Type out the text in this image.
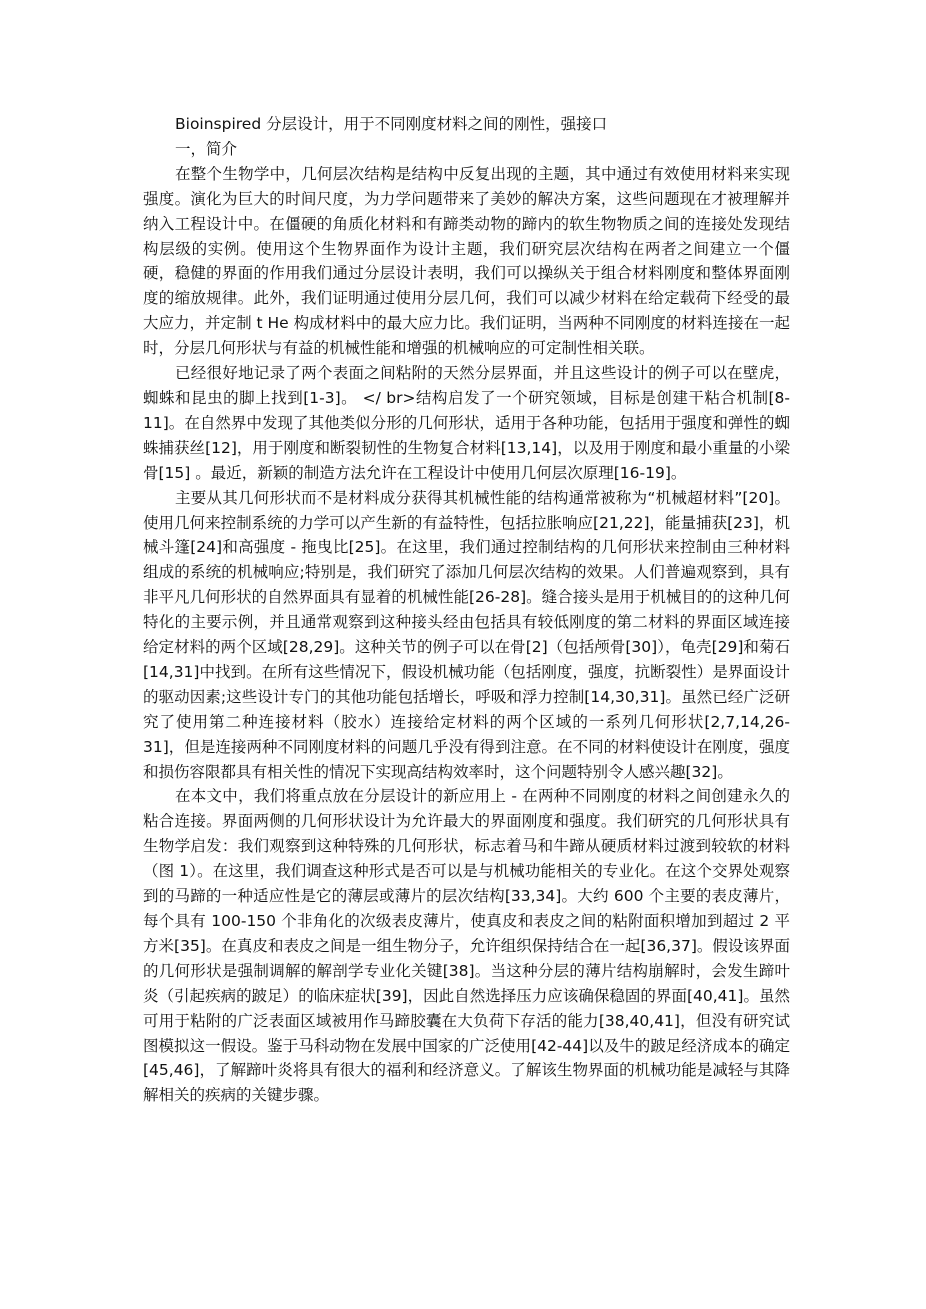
Bioinspired 分层设计，用于不同刚度材料之间的刚性，强接口

一，简介

在整个生物学中，几何层次结构是结构中反复出现的主题，其中通过有效使用材料来实现强度。演化为巨大的时间尺度，为力学问题带来了美妙的解决方案，这些问题现在才被理解并纳入工程设计中。在僵硬的角质化材料和有蹄类动物的蹄内的软生物物质之间的连接处发现结构层级的实例。使用这个生物界面作为设计主题，我们研究层次结构在两者之间建立一个僵硬，稳健的界面的作用我们通过分层设计表明，我们可以操纵关于组合材料刚度和整体界面刚度的缩放规律。此外，我们证明通过使用分层几何，我们可以减少材料在给定载荷下经受的最大应力，并定制 t He 构成材料中的最大应力比。我们证明，当两种不同刚度的材料连接在一起时，分层几何形状与有益的机械性能和增强的机械响应的可定制性相关联。

已经很好地记录了两个表面之间粘附的天然分层界面，并且这些设计的例子可以在壁虎，蜘蛛和昆虫的脚上找到[1-3]。 </ br>结构启发了一个研究领域，目标是创建干粘合机制[8-11]。在自然界中发现了其他类似分形的几何形状，适用于各种功能，包括用于强度和弹性的蜘蛛捕获丝[12]，用于刚度和断裂韧性的生物复合材料[13,14]，以及用于刚度和最小重量的小梁骨[15] 。最近，新颖的制造方法允许在工程设计中使用几何层次原理[16-19]。

主要从其几何形状而不是材料成分获得其机械性能的结构通常被称为“机械超材料”[20]。使用几何来控制系统的力学可以产生新的有益特性，包括拉胀响应[21,22]，能量捕获[23]，机械斗篷[24]和高强度 - 拖曳比[25]。在这里，我们通过控制结构的几何形状来控制由三种材料组成的系统的机械响应;特别是，我们研究了添加几何层次结构的效果。人们普遍观察到，具有非平凡几何形状的自然界面具有显着的机械性能[26-28]。缝合接头是用于机械目的的这种几何特化的主要示例，并且通常观察到这种接头经由包括具有较低刚度的第二材料的界面区域连接给定材料的两个区域[28,29]。这种关节的例子可以在骨[2]（包括颅骨[30]），龟壳[29]和菊石[14,31]中找到。在所有这些情况下，假设机械功能（包括刚度，强度，抗断裂性）是界面设计的驱动因素;这些设计专门的其他功能包括增长，呼吸和浮力控制[14,30,31]。虽然已经广泛研究了使用第二种连接材料（胶水）连接给定材料的两个区域的一系列几何形状[2,7,14,26-31]，但是连接两种不同刚度材料的问题几乎没有得到注意。在不同的材料使设计在刚度，强度和损伤容限都具有相关性的情况下实现高结构效率时，这个问题特别令人感兴趣[32]。

在本文中，我们将重点放在分层设计的新应用上 - 在两种不同刚度的材料之间创建永久的粘合连接。界面两侧的几何形状设计为允许最大的界面刚度和强度。我们研究的几何形状具有生物学启发：我们观察到这种特殊的几何形状，标志着马和牛蹄从硬质材料过渡到较软的材料（图 1）。在这里，我们调查这种形式是否可以是与机械功能相关的专业化。在这个交界处观察到的马蹄的一种适应性是它的薄层或薄片的层次结构[33,34]。大约 600 个主要的表皮薄片，每个具有 100-150 个非角化的次级表皮薄片，使真皮和表皮之间的粘附面积增加到超过 2 平方米[35]。在真皮和表皮之间是一组生物分子，允许组织保持结合在一起[36,37]。假设该界面的几何形状是强制调解的解剖学专业化关键[38]。当这种分层的薄片结构崩解时，会发生蹄叶炎（引起疾病的跛足）的临床症状[39]，因此自然选择压力应该确保稳固的界面[40,41]。虽然可用于粘附的广泛表面区域被用作马蹄胶囊在大负荷下存活的能力[38,40,41]，但没有研究试图模拟这一假设。鉴于马科动物在发展中国家的广泛使用[42-44]以及牛的跛足经济成本的确定[45,46]，了解蹄叶炎将具有很大的福利和经济意义。了解该生物界面的机械功能是减轻与其降解相关的疾病的关键步骤。
